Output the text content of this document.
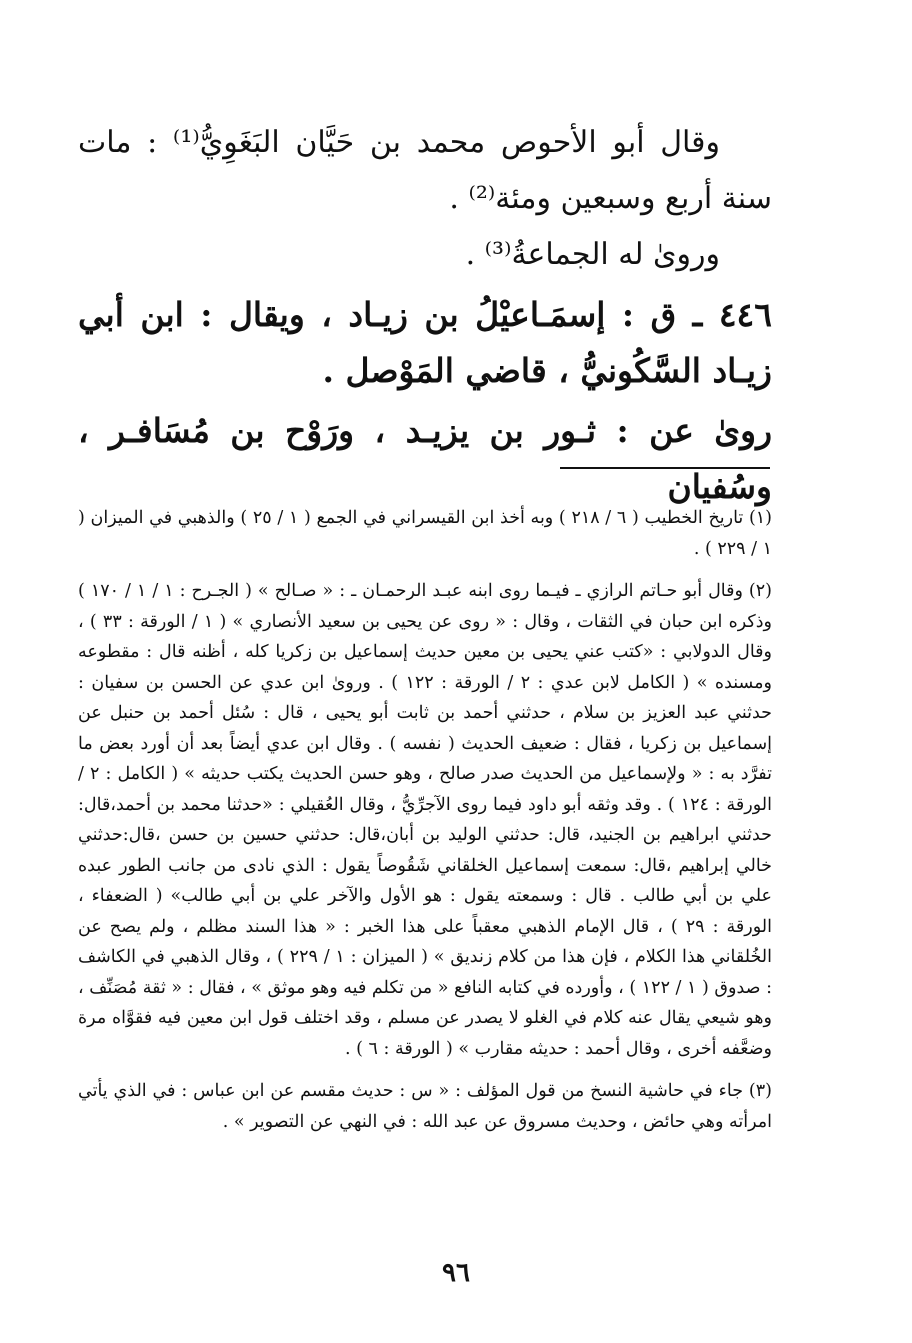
وقال أبو الأحوص محمد بن حَيَّان البَغَوِيُّ⁽¹⁾ : مات سنة أربع وسبعين ومئة⁽²⁾ .

وروىٰ له الجماعةُ⁽³⁾ .

٤٤٦ ـ ق : إسمَـاعيْلُ بن زيـاد ، ويقال : ابن أبي زيـاد السَّكُونيُّ ، قاضي المَوْصل .

روىٰ عن : ثـور بن يزيـد ، ورَوْح بن مُسَافـر ، وسُفيان

(١) تاريخ الخطيب ( ٦ / ٢١٨ ) وبه أخذ ابن القيسراني في الجمع ( ١ / ٢٥ ) والذهبي في الميزان ( ١ / ٢٢٩ ) .

(٢) وقال أبو حـاتم الرازي ـ فيـما روى ابنه عبـد الرحمـان ـ : « صـالح » ( الجـرح : ١ / ١ / ١٧٠ ) وذكره ابن حبان في الثقات ، وقال : « روى عن يحيى بن سعيد الأنصاري » ( ١ / الورقة : ٣٣ ) ، وقال الدولابي : «كتب عني يحيى بن معين حديث إسماعيل بن زكريا كله ، أظنه قال : مقطوعه ومسنده » ( الكامل لابن عدي : ٢ / الورقة : ١٢٢ ) . وروىٰ ابن عدي عن الحسن بن سفيان : حدثني عبد العزيز بن سلام ، حدثني أحمد بن ثابت أبو يحيى ، قال : سُئل أحمد بن حنبل عن إسماعيل بن زكريا ، فقال : ضعيف الحديث ( نفسه ) . وقال ابن عدي أيضاً بعد أن أورد بعض ما تفرَّد به : « ولإسماعيل من الحديث صدر صالح ، وهو حسن الحديث يكتب حديثه » ( الكامل : ٢ / الورقة : ١٢٤ ) . وقد وثقه أبو داود فيما روى الآجرِّيُّ ، وقال العُقيلي : «حدثنا محمد بن أحمد،قال: حدثني ابراهيم بن الجنيد، قال: حدثني الوليد بن أبان،قال: حدثني حسين بن حسن ،قال:حدثني خالي إبراهيم ،قال: سمعت إسماعيل الخلقاني شَقُوصاً يقول : الذي نادى من جانب الطور عبده علي بن أبي طالب . قال : وسمعته يقول : هو الأول والآخر علي بن أبي طالب» ( الضعفاء ، الورقة : ٢٩ ) ، قال الإمام الذهبي معقباً على هذا الخبر : « هذا السند مظلم ، ولم يصح عن الخُلقاني هذا الكلام ، فإن هذا من كلام زنديق » ( الميزان : ١ / ٢٢٩ ) ، وقال الذهبي في الكاشف : صدوق ( ١ / ١٢٢ ) ، وأورده في كتابه النافع « من تكلم فيه وهو موثق » ، فقال : « ثقة مُصَنِّف ، وهو شيعي يقال عنه كلام في الغلو لا يصدر عن مسلم ، وقد اختلف قول ابن معين فيه فقوَّاه مرة وضعَّفه أخرى ، وقال أحمد : حديثه مقارب » ( الورقة : ٦ ) .

(٣) جاء في حاشية النسخ من قول المؤلف : « س : حديث مقسم عن ابن عباس : في الذي يأتي امرأته وهي حائض ، وحديث مسروق عن عبد الله : في النهي عن التصوير » .

٩٦
